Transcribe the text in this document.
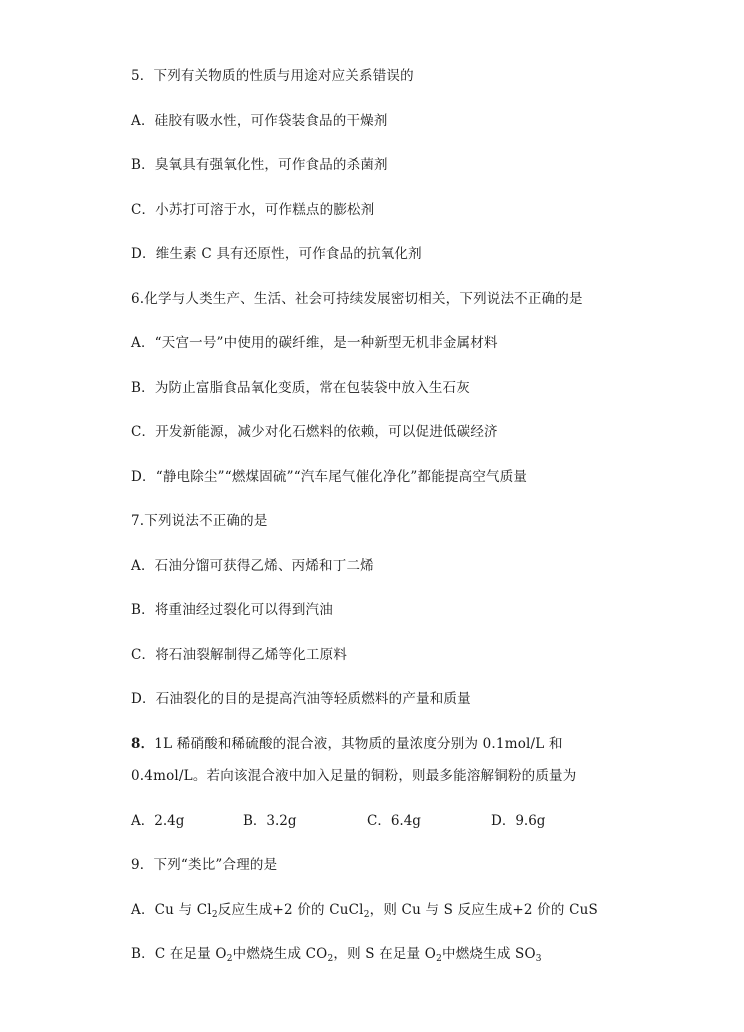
5．下列有关物质的性质与用途对应关系错误的
A．硅胶有吸水性，可作袋装食品的干燥剂
B．臭氧具有强氧化性，可作食品的杀菌剂
C．小苏打可溶于水，可作糕点的膨松剂
D．维生素 C 具有还原性，可作食品的抗氧化剂
6.化学与人类生产、生活、社会可持续发展密切相关，下列说法不正确的是
A．“天宫一号”中使用的碳纤维，是一种新型无机非金属材料
B．为防止富脂食品氧化变质，常在包装袋中放入生石灰
C．开发新能源，减少对化石燃料的依赖，可以促进低碳经济
D．“静电除尘”“燃煤固硫”“汽车尾气催化净化”都能提高空气质量
7.下列说法不正确的是
A．石油分馏可获得乙烯、丙烯和丁二烯
B．将重油经过裂化可以得到汽油
C．将石油裂解制得乙烯等化工原料
D．石油裂化的目的是提高汽油等轻质燃料的产量和质量
8．1L 稀硝酸和稀硫酸的混合液，其物质的量浓度分别为 0.1mol/L 和
0.4mol/L。若向该混合液中加入足量的铜粉，则最多能溶解铜粉的质量为
A．2.4g	B．3.2g	C．6.4g	D．9.6g
9．下列“类比”合理的是
A．Cu 与 $Cl_2$反应生成+2 价的 CuCl$_2$，则 Cu 与 S 反应生成+2 价的 CuS
B．C 在足量 $O_2$中燃烧生成 $CO_2$，则 S 在足量 $O_2$中燃烧生成 $SO_3$
